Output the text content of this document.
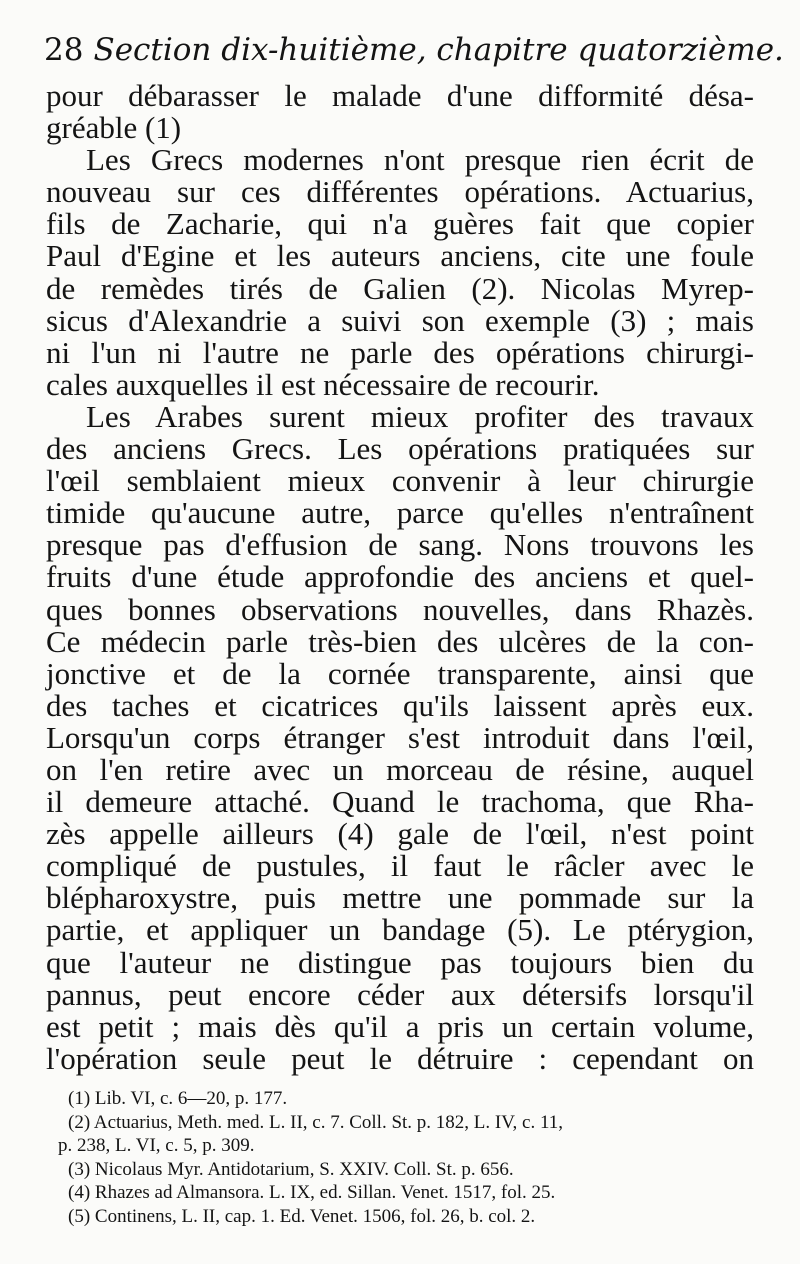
28 Section dix-huitième, chapitre quatorzième.
pour débarasser le malade d'une difformité désa-
gréable (1)
Les Grecs modernes n'ont presque rien écrit de
nouveau sur ces différentes opérations. Actuarius,
fils de Zacharie, qui n'a guères fait que copier
Paul d'Egine et les auteurs anciens, cite une foule
de remèdes tirés de Galien (2). Nicolas Myrep-
sicus d'Alexandrie a suivi son exemple (3) ; mais
ni l'un ni l'autre ne parle des opérations chirurgi-
cales auxquelles il est nécessaire de recourir.
Les Arabes surent mieux profiter des travaux
des anciens Grecs. Les opérations pratiquées sur
l'œil semblaient mieux convenir à leur chirurgie
timide qu'aucune autre, parce qu'elles n'entraînent
presque pas d'effusion de sang. Nons trouvons les
fruits d'une étude approfondie des anciens et quel-
ques bonnes observations nouvelles, dans Rhazès.
Ce médecin parle très-bien des ulcères de la con-
jonctive et de la cornée transparente, ainsi que
des taches et cicatrices qu'ils laissent après eux.
Lorsqu'un corps étranger s'est introduit dans l'œil,
on l'en retire avec un morceau de résine, auquel
il demeure attaché. Quand le trachoma, que Rha-
zès appelle ailleurs (4) gale de l'œil, n'est point
compliqué de pustules, il faut le râcler avec le
blépharoxystre, puis mettre une pommade sur la
partie, et appliquer un bandage (5). Le ptérygion,
que l'auteur ne distingue pas toujours bien du
pannus, peut encore céder aux détersifs lorsqu'il
est petit ; mais dès qu'il a pris un certain volume,
l'opération seule peut le détruire : cependant on
(1) Lib. VI, c. 6—20, p. 177.
(2) Actuarius, Meth. med. L. II, c. 7. Coll. St. p. 182, L. IV, c. 11,
p. 238, L. VI, c. 5, p. 309.
(3) Nicolaus Myr. Antidotarium, S. XXIV. Coll. St. p. 656.
(4) Rhazes ad Almansora. L. IX, ed. Sillan. Venet. 1517, fol. 25.
(5) Continens, L. II, cap. 1. Ed. Venet. 1506, fol. 26, b. col. 2.
